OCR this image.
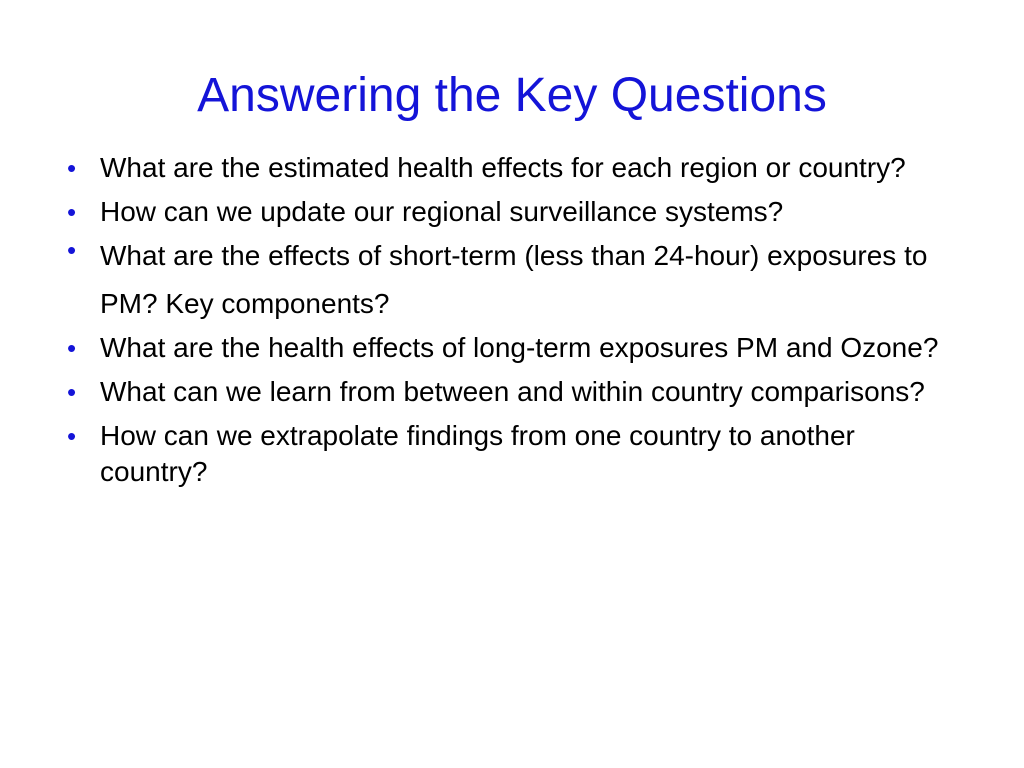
Answering the Key Questions
• What are the estimated health effects for each region or country?
• How can we update our regional surveillance systems?
• What are the effects of short-term (less than 24-hour) exposures to PM? Key components?
• What are the health effects of long-term exposures PM and Ozone?
• What can we learn from between and within country comparisons?
• How can we extrapolate findings from one country to another country?
